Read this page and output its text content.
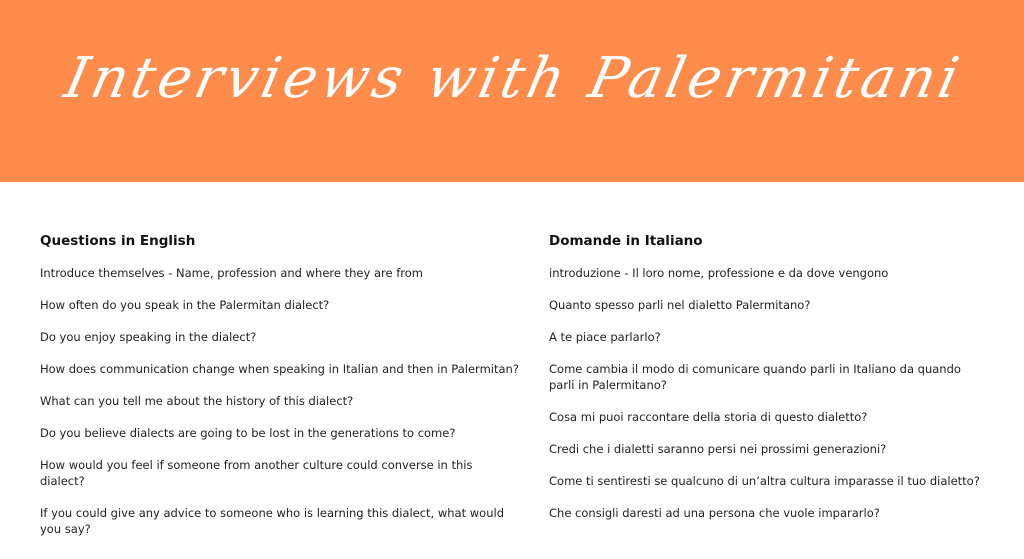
Interviews with Palermitani
Questions in English
Introduce themselves - Name, profession and where they are from
How often do you speak in the Palermitan dialect?
Do you enjoy speaking in the dialect?
How does communication change when speaking in Italian and then in Palermitan?
What can you tell me about the history of this dialect?
Do you believe dialects are going to be lost in the generations to come?
How would you feel if someone from another culture could converse in this dialect?
If you could give any advice to someone who is learning this dialect, what would you say?
Domande in Italiano
introduzione - Il loro nome, professione e da dove vengono
Quanto spesso parli nel dialetto Palermitano?
A te piace parlarlo?
Come cambia il modo di comunicare quando parli in Italiano da quando parli in Palermitano?
Cosa mi puoi raccontare della storia di questo dialetto?
Credi che i dialetti saranno persi nei prossimi generazioni?
Come ti sentiresti se qualcuno di un’altra cultura imparasse il tuo dialetto?
Che consigli daresti ad una persona che vuole impararlo?
